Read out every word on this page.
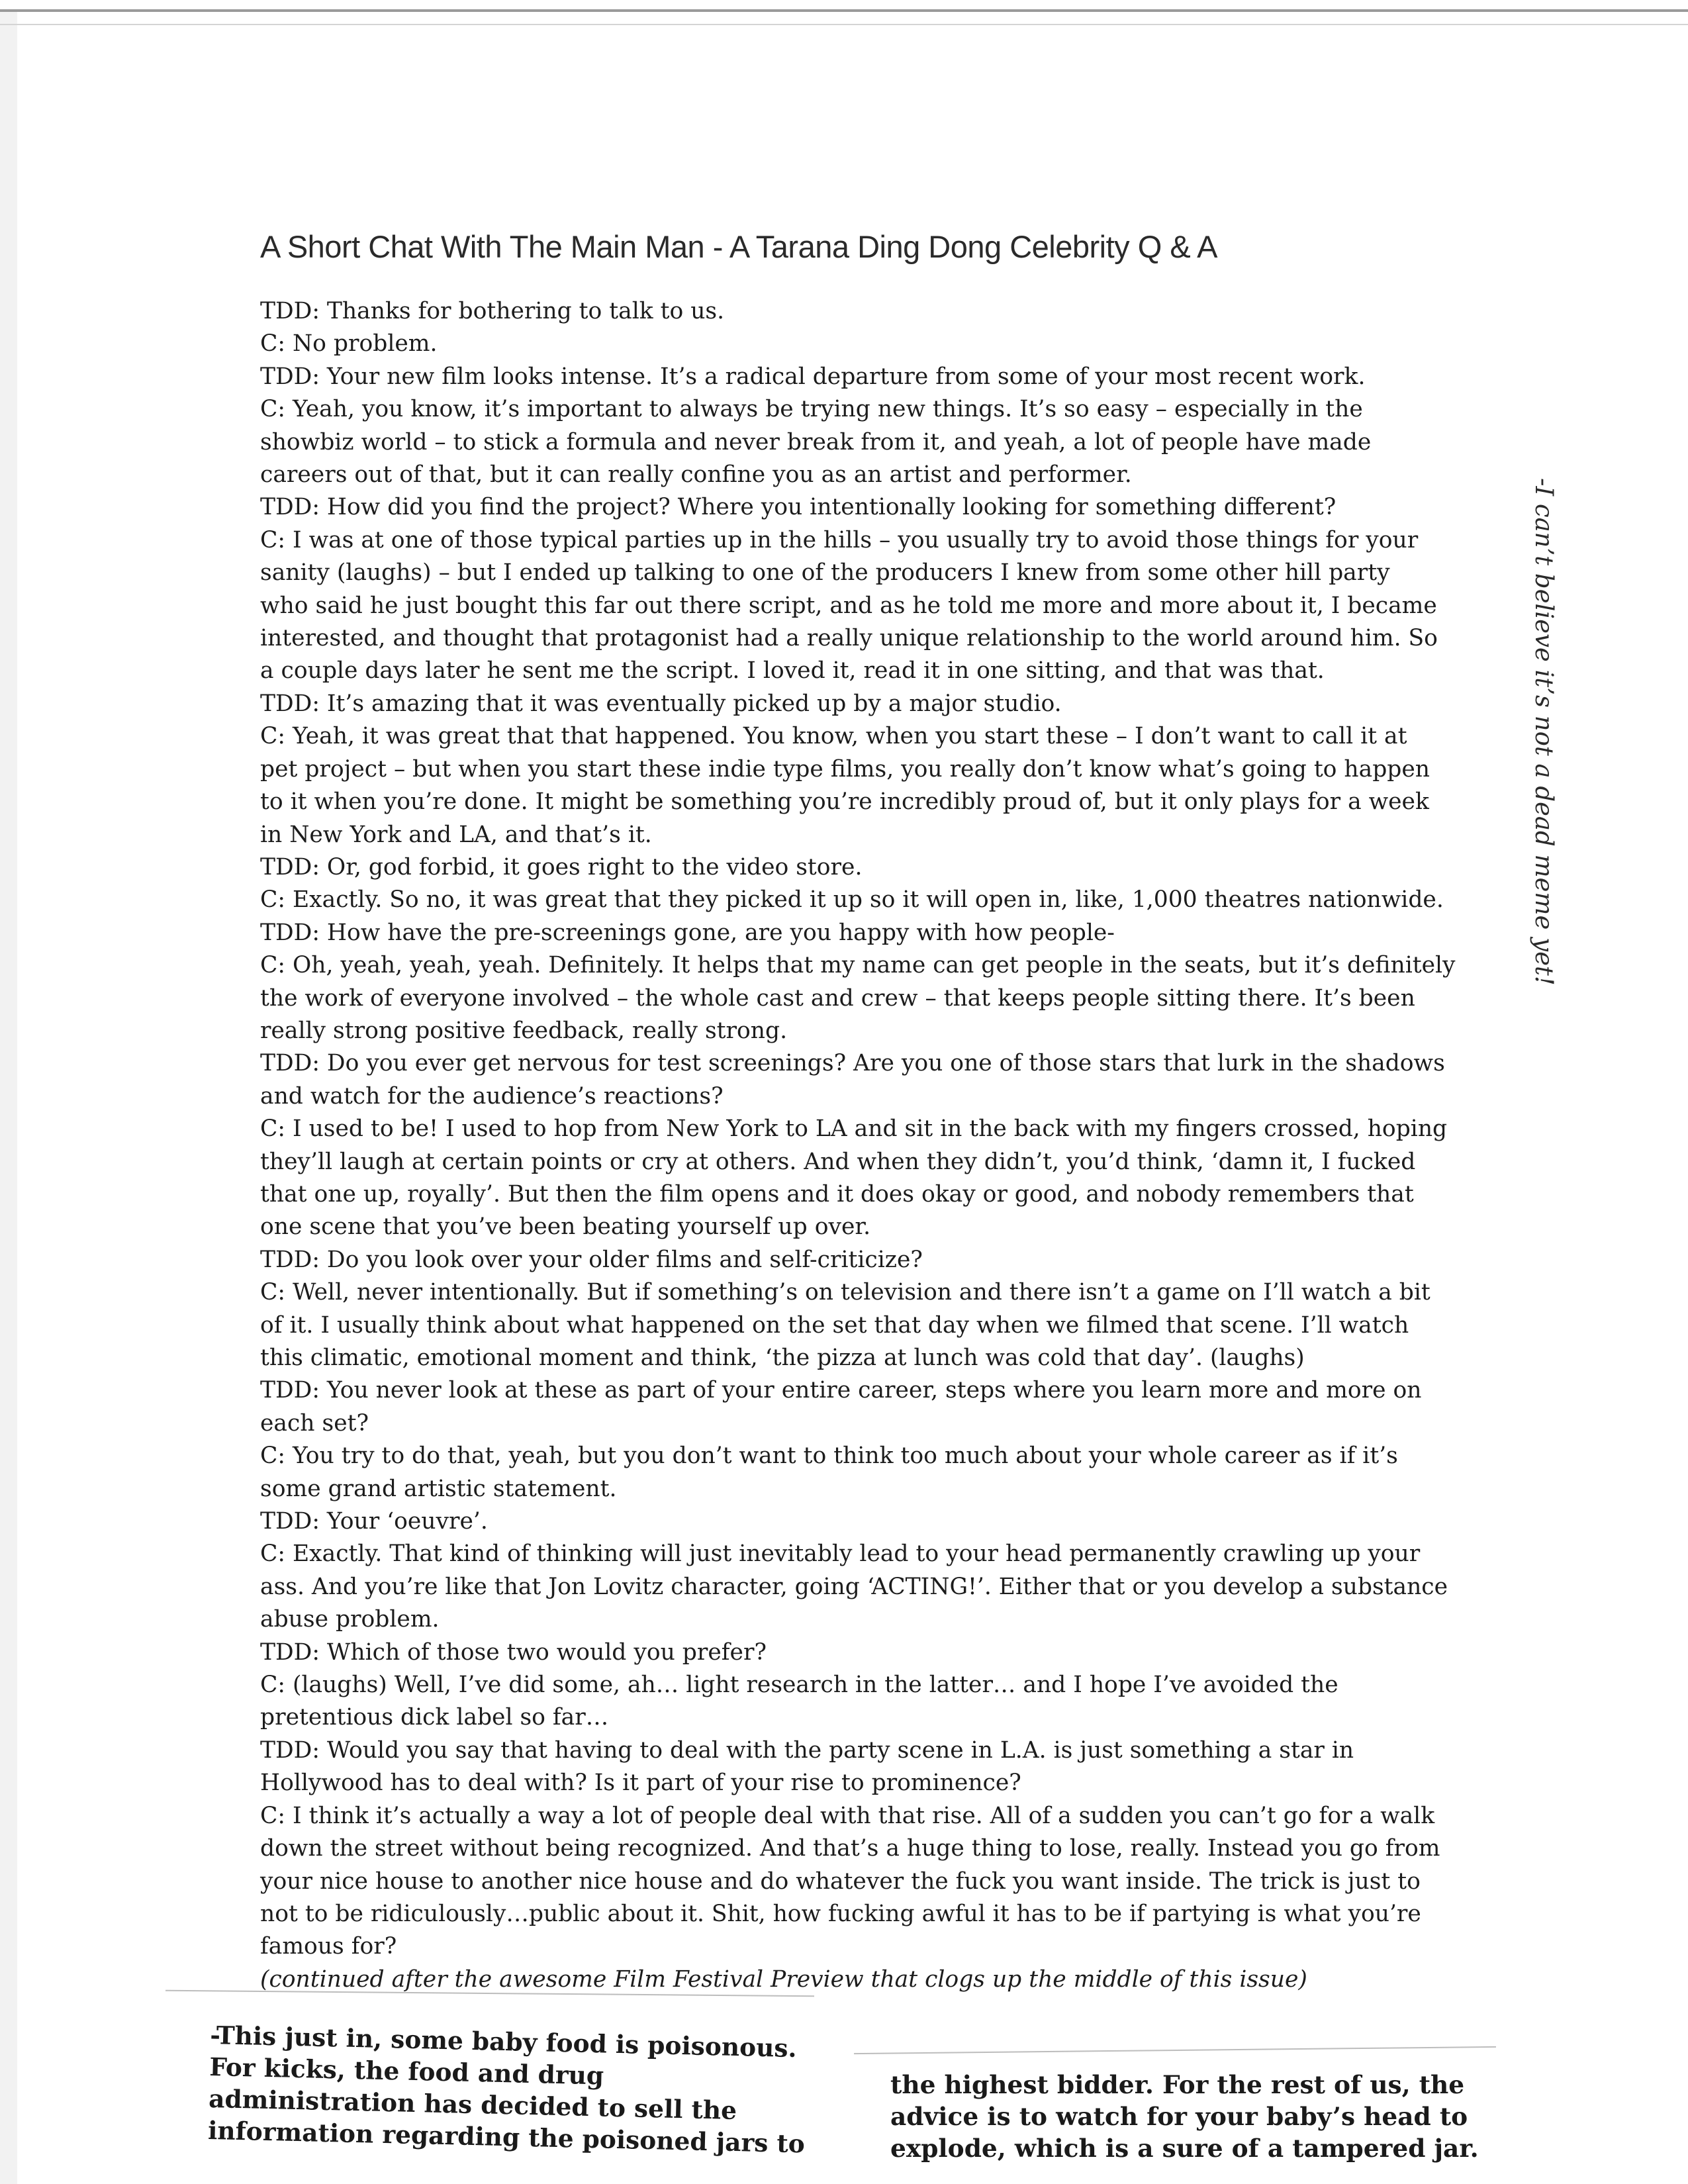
A Short Chat With The Main Man - A Tarana Ding Dong Celebrity Q & A
TDD: Thanks for bothering to talk to us.
C: No problem.
TDD: Your new film looks intense. It’s a radical departure from some of your most recent work.
C: Yeah, you know, it’s important to always be trying new things. It’s so easy – especially in the
showbiz world – to stick a formula and never break from it, and yeah, a lot of people have made
careers out of that, but it can really confine you as an artist and performer.
TDD: How did you find the project? Where you intentionally looking for something different?
C: I was at one of those typical parties up in the hills – you usually try to avoid those things for your
sanity (laughs) – but I ended up talking to one of the producers I knew from some other hill party
who said he just bought this far out there script, and as he told me more and more about it, I became
interested, and thought that protagonist had a really unique relationship to the world around him. So
a couple days later he sent me the script. I loved it, read it in one sitting, and that was that.
TDD: It’s amazing that it was eventually picked up by a major studio.
C: Yeah, it was great that that happened. You know, when you start these – I don’t want to call it at
pet project – but when you start these indie type films, you really don’t know what’s going to happen
to it when you’re done. It might be something you’re incredibly proud of, but it only plays for a week
in New York and LA, and that’s it.
TDD: Or, god forbid, it goes right to the video store.
C: Exactly. So no, it was great that they picked it up so it will open in, like, 1,000 theatres nationwide.
TDD: How have the pre-screenings gone, are you happy with how people-
C: Oh, yeah, yeah, yeah. Definitely. It helps that my name can get people in the seats, but it’s definitely
the work of everyone involved – the whole cast and crew – that keeps people sitting there. It’s been
really strong positive feedback, really strong.
TDD: Do you ever get nervous for test screenings? Are you one of those stars that lurk in the shadows
and watch for the audience’s reactions?
C: I used to be! I used to hop from New York to LA and sit in the back with my fingers crossed, hoping
they’ll laugh at certain points or cry at others. And when they didn’t, you’d think, ‘damn it, I fucked
that one up, royally’. But then the film opens and it does okay or good, and nobody remembers that
one scene that you’ve been beating yourself up over.
TDD: Do you look over your older films and self-criticize?
C: Well, never intentionally. But if something’s on television and there isn’t a game on I’ll watch a bit
of it. I usually think about what happened on the set that day when we filmed that scene. I’ll watch
this climatic, emotional moment and think, ‘the pizza at lunch was cold that day’. (laughs)
TDD: You never look at these as part of your entire career, steps where you learn more and more on
each set?
C: You try to do that, yeah, but you don’t want to think too much about your whole career as if it’s
some grand artistic statement.
TDD: Your ‘oeuvre’.
C: Exactly. That kind of thinking will just inevitably lead to your head permanently crawling up your
ass. And you’re like that Jon Lovitz character, going ‘ACTING!’. Either that or you develop a substance
abuse problem.
TDD: Which of those two would you prefer?
C: (laughs) Well, I’ve did some, ah… light research in the latter… and I hope I’ve avoided the
pretentious dick label so far…
TDD: Would you say that having to deal with the party scene in L.A. is just something a star in
Hollywood has to deal with? Is it part of your rise to prominence?
C: I think it’s actually a way a lot of people deal with that rise. All of a sudden you can’t go for a walk
down the street without being recognized. And that’s a huge thing to lose, really. Instead you go from
your nice house to another nice house and do whatever the fuck you want inside. The trick is just to
not to be ridiculously…public about it. Shit, how fucking awful it has to be if partying is what you’re
famous for?
(continued after the awesome Film Festival Preview that clogs up the middle of this issue)
-I can’t believe it’s not a dead meme yet!
-This just in, some baby food is poisonous.
For kicks, the food and drug
administration has decided to sell the
information regarding the poisoned jars to
the highest bidder. For the rest of us, the
advice is to watch for your baby’s head to
explode, which is a sure of a tampered jar.
